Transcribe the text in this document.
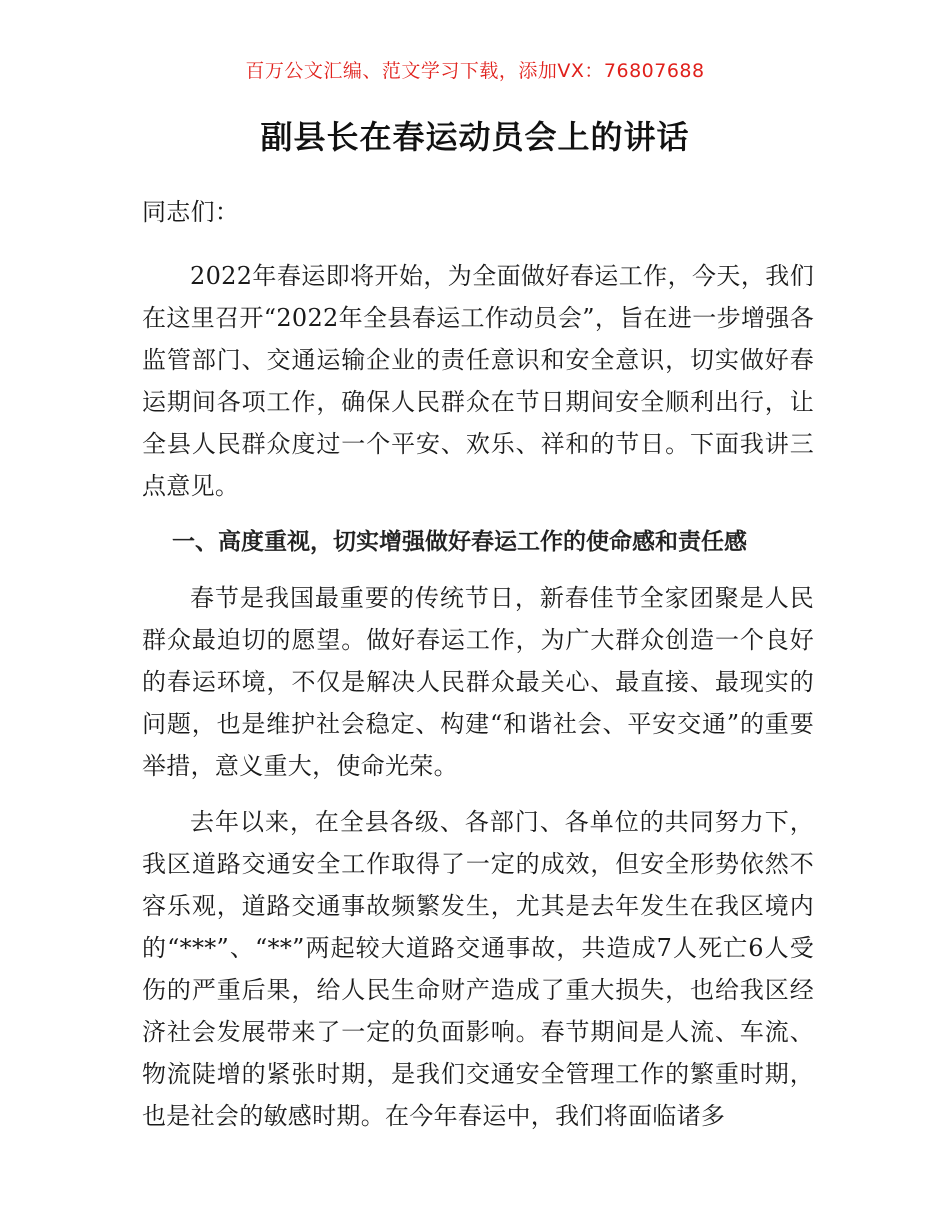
百万公文汇编、范文学习下载，添加VX：76807688
副县长在春运动员会上的讲话

同志们：

2022年春运即将开始，为全面做好春运工作，今天，我们在这里召开“2022年全县春运工作动员会”，旨在进一步增强各监管部门、交通运输企业的责任意识和安全意识，切实做好春运期间各项工作，确保人民群众在节日期间安全顺利出行，让全县人民群众度过一个平安、欢乐、祥和的节日。下面我讲三点意见。

一、高度重视，切实增强做好春运工作的使命感和责任感

春节是我国最重要的传统节日，新春佳节全家团聚是人民群众最迫切的愿望。做好春运工作，为广大群众创造一个良好的春运环境，不仅是解决人民群众最关心、最直接、最现实的问题，也是维护社会稳定、构建“和谐社会、平安交通”的重要举措，意义重大，使命光荣。

去年以来，在全县各级、各部门、各单位的共同努力下，我区道路交通安全工作取得了一定的成效，但安全形势依然不容乐观，道路交通事故频繁发生，尤其是去年发生在我区境内的“***”、“**”两起较大道路交通事故，共造成7人死亡6人受伤的严重后果，给人民生命财产造成了重大损失，也给我区经济社会发展带来了一定的负面影响。春节期间是人流、车流、物流陡增的紧张时期，是我们交通安全管理工作的繁重时期，也是社会的敏感时期。在今年春运中，我们将面临诸多
